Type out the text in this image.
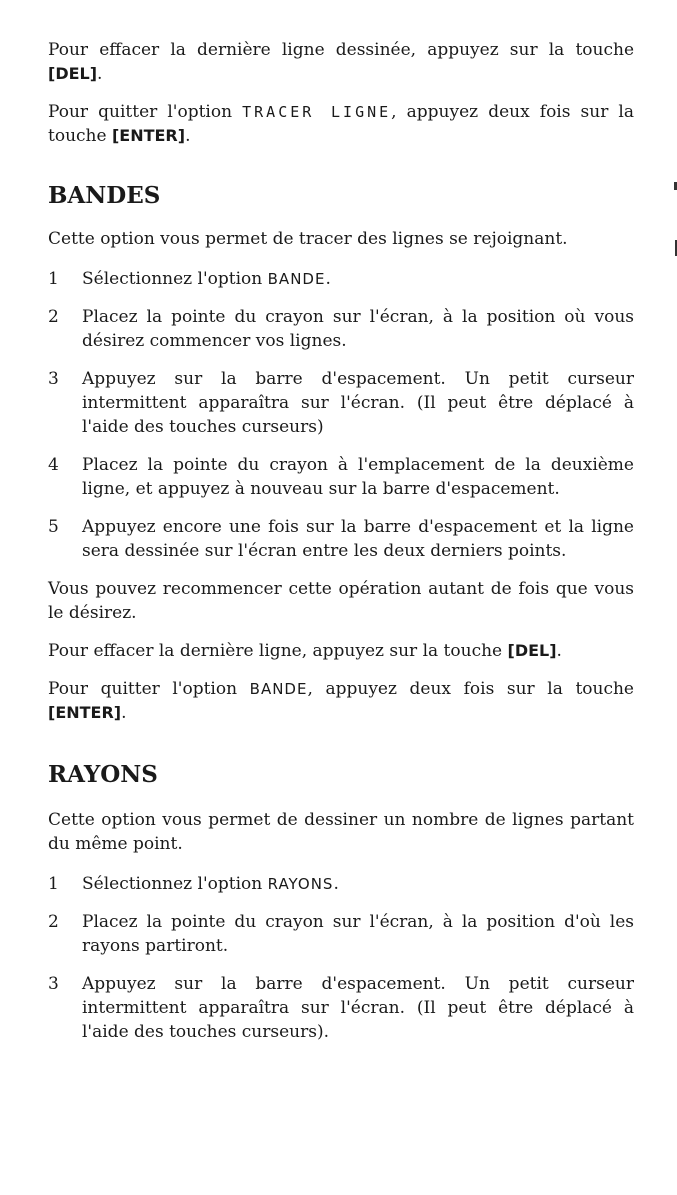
Pour effacer la dernière ligne dessinée, appuyez sur la touche [DEL].

Pour quitter l'option TRACER LIGNE, appuyez deux fois sur la touche [ENTER].

BANDES

Cette option vous permet de tracer des lignes se rejoignant.

1	Sélectionnez l'option BANDE.
2	Placez la pointe du crayon sur l'écran, à la position où vous désirez commencer vos lignes.
3	Appuyez sur la barre d'espacement. Un petit curseur intermittent apparaîtra sur l'écran. (Il peut être déplacé à l'aide des touches curseurs)
4	Placez la pointe du crayon à l'emplacement de la deuxième ligne, et appuyez à nouveau sur la barre d'espacement.
5	Appuyez encore une fois sur la barre d'espacement et la ligne sera dessinée sur l'écran entre les deux derniers points.

Vous pouvez recommencer cette opération autant de fois que vous le désirez.

Pour effacer la dernière ligne, appuyez sur la touche [DEL].

Pour quitter l'option BANDE, appuyez deux fois sur la touche [ENTER].

RAYONS

Cette option vous permet de dessiner un nombre de lignes partant du même point.

1	Sélectionnez l'option RAYONS.
2	Placez la pointe du crayon sur l'écran, à la position d'où les rayons partiront.
3	Appuyez sur la barre d'espacement. Un petit curseur intermittent apparaîtra sur l'écran. (Il peut être déplacé à l'aide des touches curseurs).
